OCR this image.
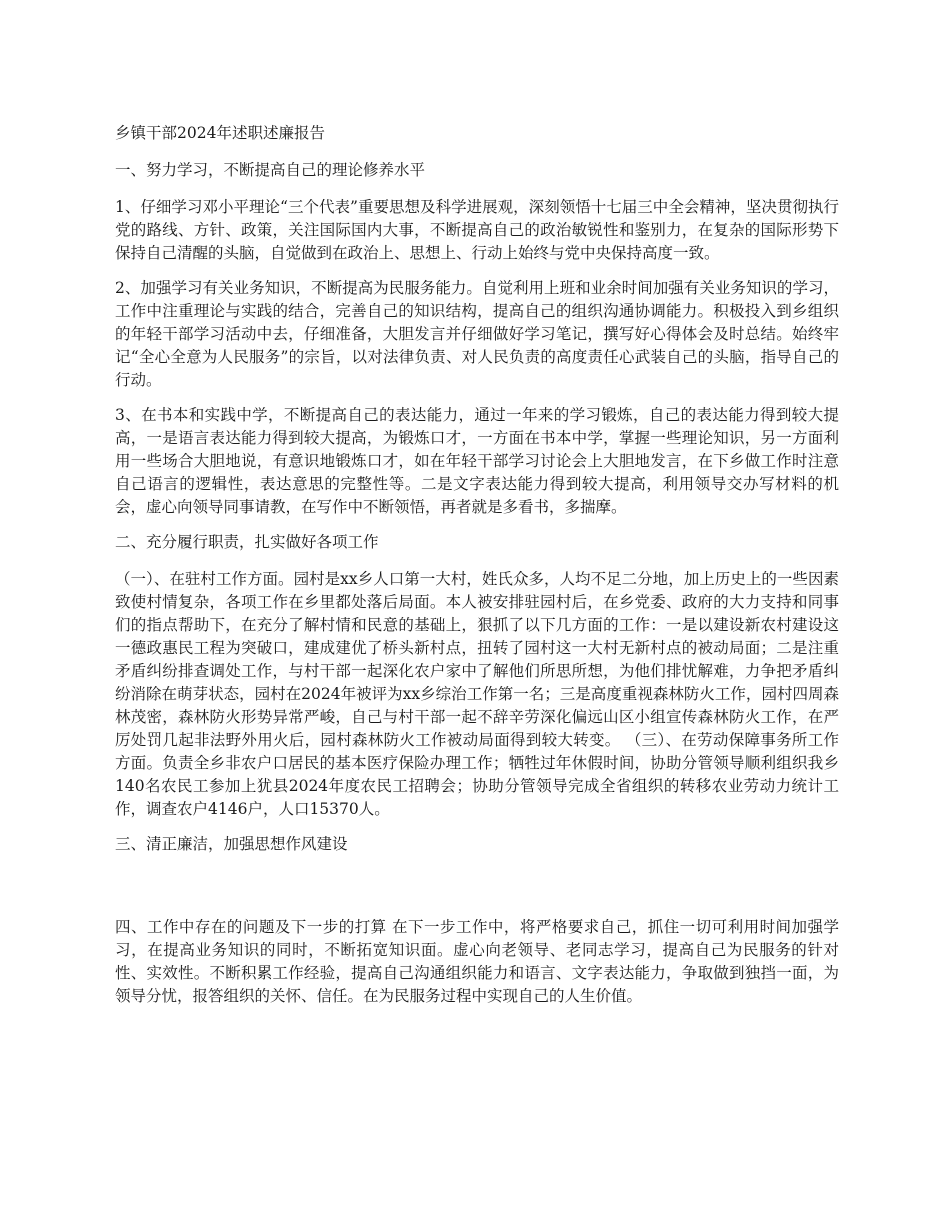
乡镇干部2024年述职述廉报告

一、努力学习，不断提高自己的理论修养水平

1、仔细学习邓小平理论“三个代表”重要思想及科学进展观，深刻领悟十七届三中全会精神，坚决贯彻执行党的路线、方针、政策，关注国际国内大事，不断提高自己的政治敏锐性和鉴别力，在复杂的国际形势下保持自己清醒的头脑，自觉做到在政治上、思想上、行动上始终与党中央保持高度一致。

2、加强学习有关业务知识，不断提高为民服务能力。自觉利用上班和业余时间加强有关业务知识的学习，工作中注重理论与实践的结合，完善自己的知识结构，提高自己的组织沟通协调能力。积极投入到乡组织的年轻干部学习活动中去，仔细准备，大胆发言并仔细做好学习笔记，撰写好心得体会及时总结。始终牢记“全心全意为人民服务”的宗旨，以对法律负责、对人民负责的高度责任心武装自己的头脑，指导自己的行动。

3、在书本和实践中学，不断提高自己的表达能力，通过一年来的学习锻炼，自己的表达能力得到较大提高，一是语言表达能力得到较大提高，为锻炼口才，一方面在书本中学，掌握一些理论知识，另一方面利用一些场合大胆地说，有意识地锻炼口才，如在年轻干部学习讨论会上大胆地发言，在下乡做工作时注意自己语言的逻辑性，表达意思的完整性等。二是文字表达能力得到较大提高，利用领导交办写材料的机会，虚心向领导同事请教，在写作中不断领悟，再者就是多看书，多揣摩。

二、充分履行职责，扎实做好各项工作

（一）、在驻村工作方面。园村是xx乡人口第一大村，姓氏众多，人均不足二分地，加上历史上的一些因素致使村情复杂，各项工作在乡里都处落后局面。本人被安排驻园村后，在乡党委、政府的大力支持和同事们的指点帮助下，在充分了解村情和民意的基础上，狠抓了以下几方面的工作：一是以建设新农村建设这一德政惠民工程为突破口，建成建优了桥头新村点，扭转了园村这一大村无新村点的被动局面；二是注重矛盾纠纷排查调处工作，与村干部一起深化农户家中了解他们所思所想，为他们排忧解难，力争把矛盾纠纷消除在萌芽状态，园村在2024年被评为xx乡综治工作第一名；三是高度重视森林防火工作，园村四周森林茂密，森林防火形势异常严峻，自己与村干部一起不辞辛劳深化偏远山区小组宣传森林防火工作，在严厉处罚几起非法野外用火后，园村森林防火工作被动局面得到较大转变。 （三）、在劳动保障事务所工作方面。负责全乡非农户口居民的基本医疗保险办理工作；牺牲过年休假时间，协助分管领导顺利组织我乡140名农民工参加上犹县2024年度农民工招聘会；协助分管领导完成全省组织的转移农业劳动力统计工作，调查农户4146户，人口15370人。

三、清正廉洁，加强思想作风建设

四、工作中存在的问题及下一步的打算 在下一步工作中，将严格要求自己，抓住一切可利用时间加强学习，在提高业务知识的同时，不断拓宽知识面。虚心向老领导、老同志学习，提高自己为民服务的针对性、实效性。不断积累工作经验，提高自己沟通组织能力和语言、文字表达能力，争取做到独挡一面，为领导分忧，报答组织的关怀、信任。在为民服务过程中实现自己的人生价值。
